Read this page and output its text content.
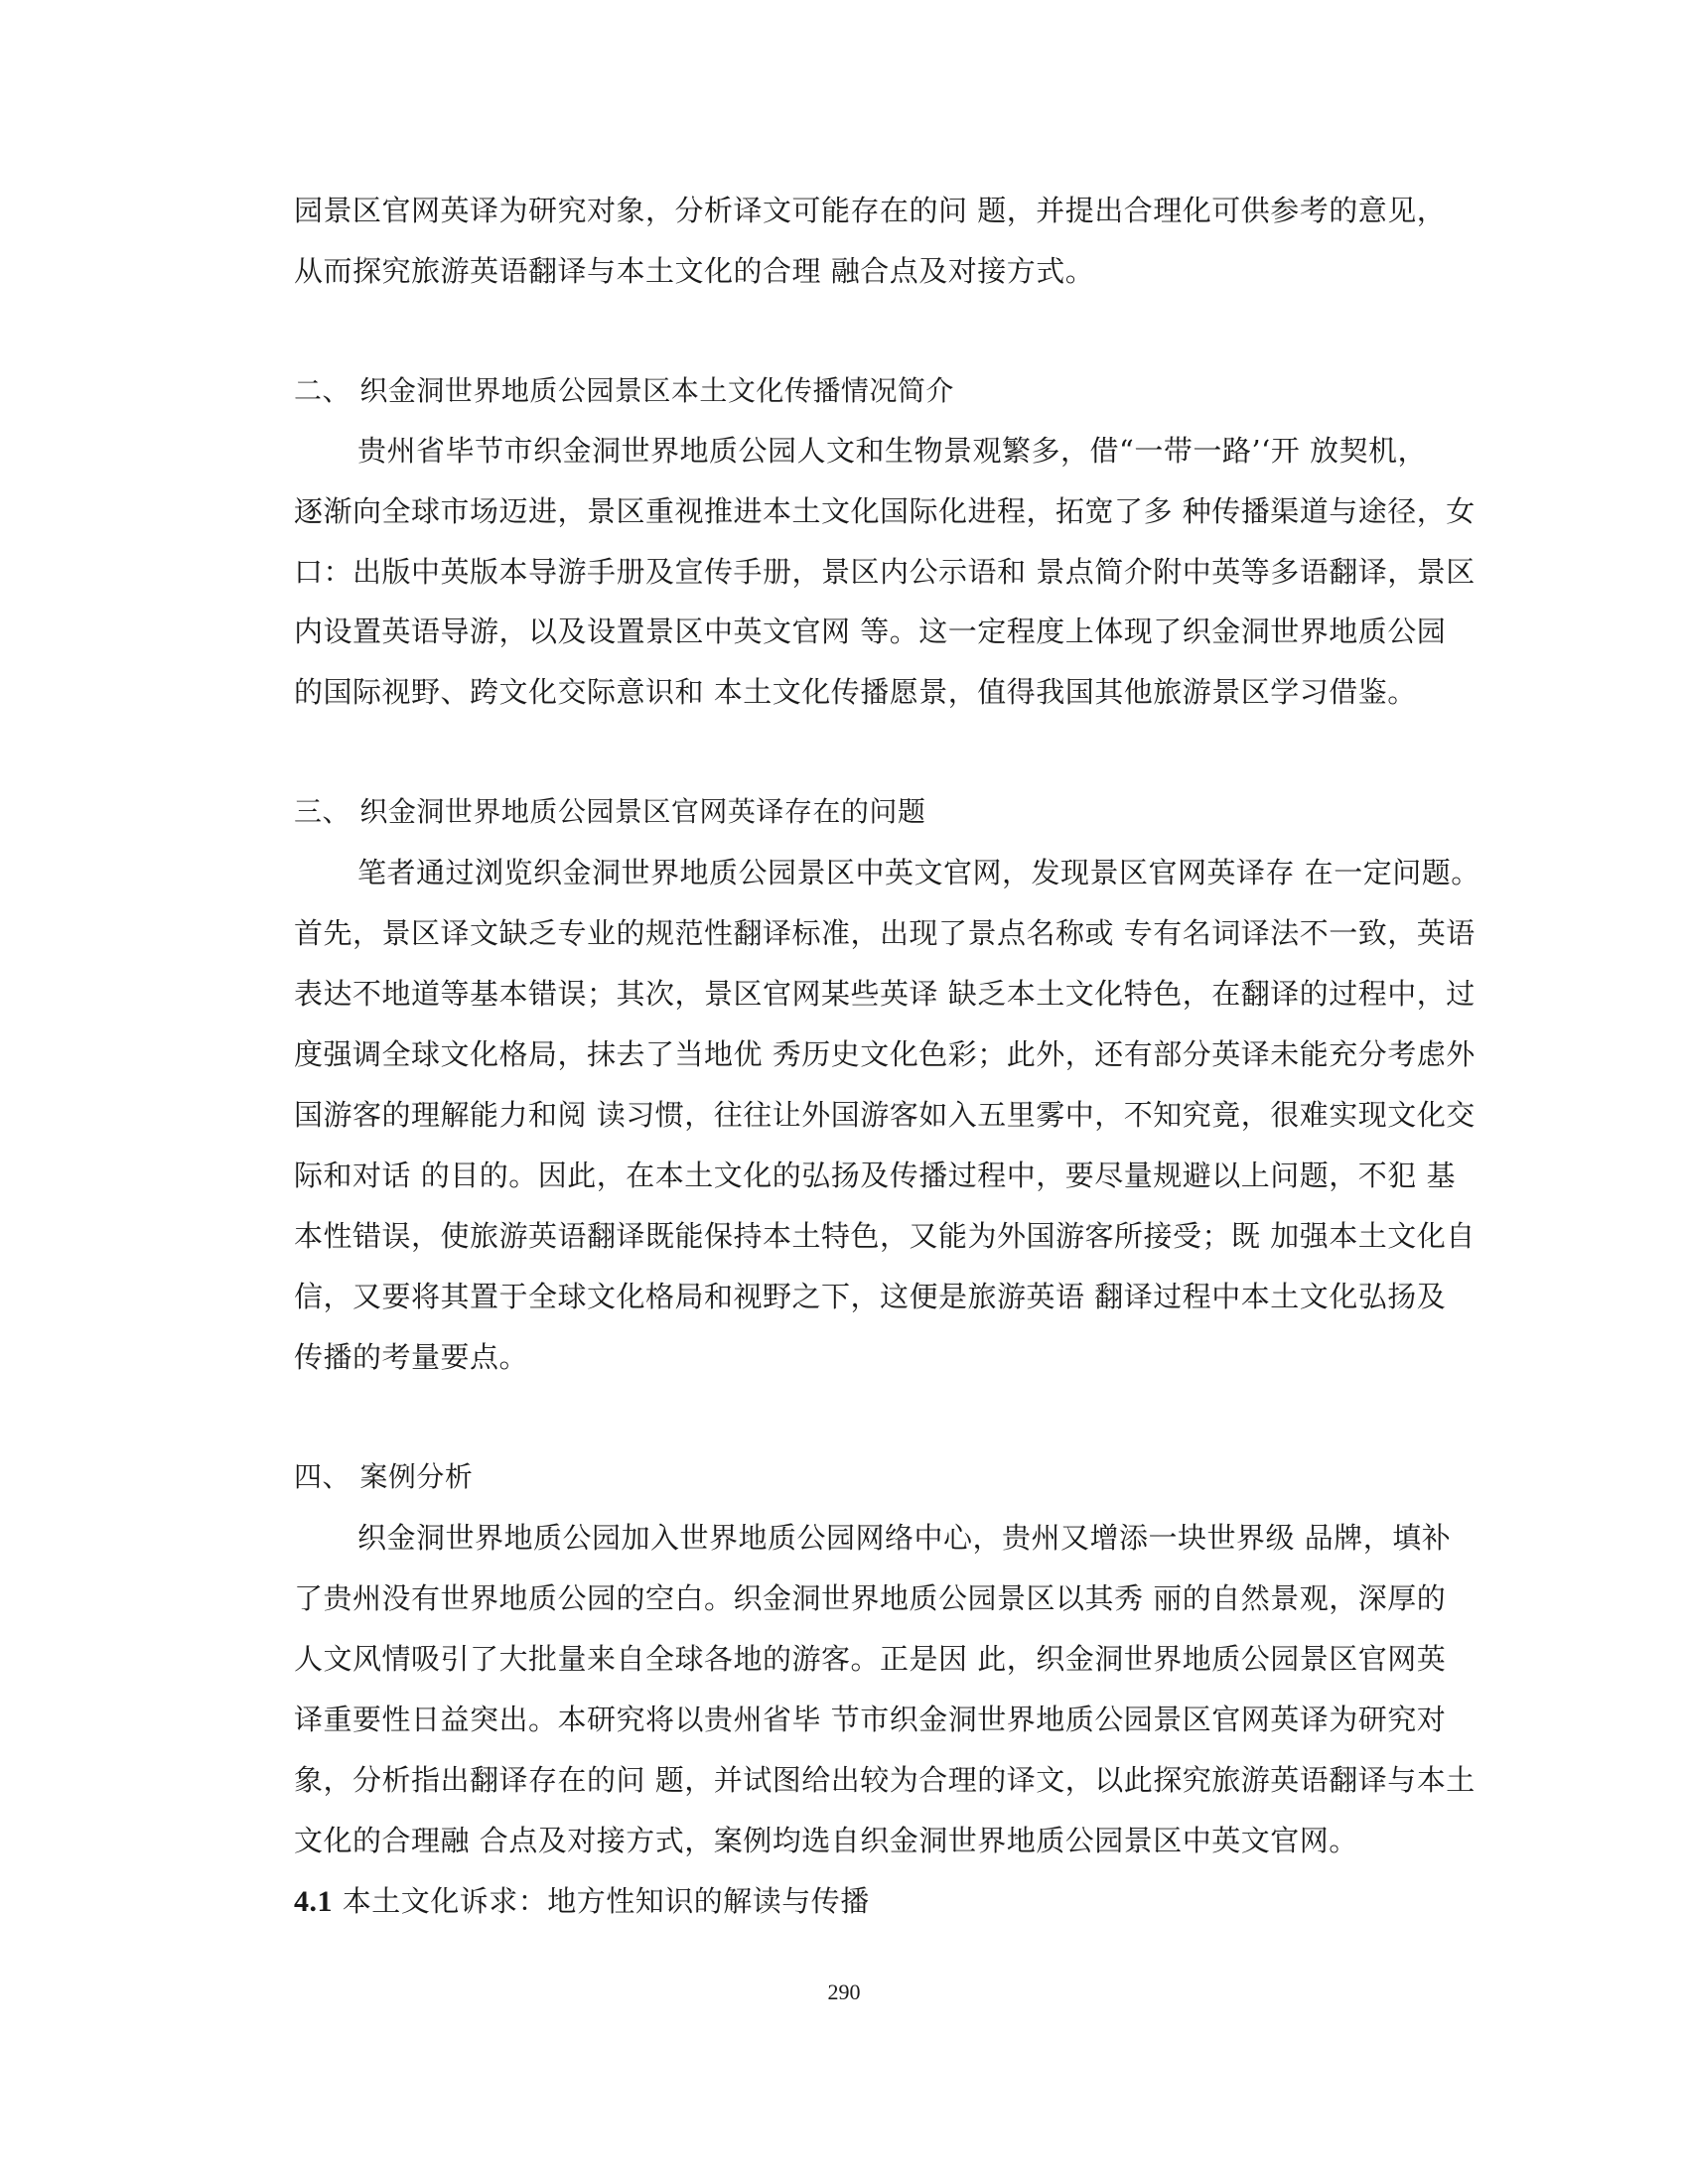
园景区官网英译为研究对象，分析译文可能存在的问 题，并提出合理化可供参考的意见，
从而探究旅游英语翻译与本土文化的合理 融合点及对接方式。
二、 织金洞世界地质公园景区本土文化传播情况简介
贵州省毕节市织金洞世界地质公园人文和生物景观繁多，借“一带一路’‘开 放契机，
逐渐向全球市场迈进，景区重视推进本土文化国际化进程，拓宽了多 种传播渠道与途径，女
口：出版中英版本导游手册及宣传手册，景区内公示语和 景点简介附中英等多语翻译，景区
内设置英语导游，以及设置景区中英文官网 等。这一定程度上体现了织金洞世界地质公园
的国际视野、跨文化交际意识和 本土文化传播愿景，值得我国其他旅游景区学习借鉴。
三、 织金洞世界地质公园景区官网英译存在的问题
笔者通过浏览织金洞世界地质公园景区中英文官网，发现景区官网英译存 在一定问题。
首先，景区译文缺乏专业的规范性翻译标准，出现了景点名称或 专有名词译法不一致，英语
表达不地道等基本错误；其次，景区官网某些英译 缺乏本土文化特色，在翻译的过程中，过
度强调全球文化格局，抹去了当地优 秀历史文化色彩；此外，还有部分英译未能充分考虑外
国游客的理解能力和阅 读习惯，往往让外国游客如入五里雾中，不知究竟，很难实现文化交
际和对话 的目的。因此，在本土文化的弘扬及传播过程中，要尽量规避以上问题，不犯 基
本性错误，使旅游英语翻译既能保持本土特色，又能为外国游客所接受；既 加强本土文化自
信，又要将其置于全球文化格局和视野之下，这便是旅游英语 翻译过程中本土文化弘扬及
传播的考量要点。
四、 案例分析
织金洞世界地质公园加入世界地质公园网络中心，贵州又增添一块世界级 品牌，填补
了贵州没有世界地质公园的空白。织金洞世界地质公园景区以其秀 丽的自然景观，深厚的
人文风情吸引了大批量来自全球各地的游客。正是因 此，织金洞世界地质公园景区官网英
译重要性日益突出。本研究将以贵州省毕 节市织金洞世界地质公园景区官网英译为研究对
象，分析指出翻译存在的问 题，并试图给出较为合理的译文，以此探究旅游英语翻译与本土
文化的合理融 合点及对接方式，案例均选自织金洞世界地质公园景区中英文官网。
4.1 本土文化诉求：地方性知识的解读与传播
290
